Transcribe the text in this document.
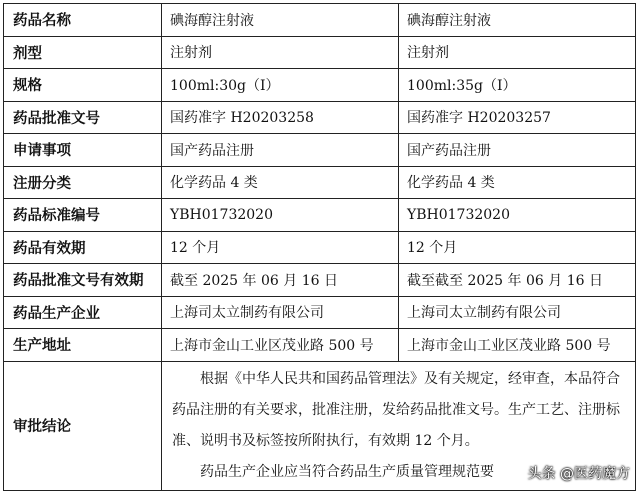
药品名称	碘海醇注射液	碘海醇注射液
剂型	注射剂	注射剂
规格	100ml:30g（I）	100ml:35g（I）
药品批准文号	国药准字 H20203258	国药准字 H20203257
申请事项	国产药品注册	国产药品注册
注册分类	化学药品 4 类	化学药品 4 类
药品标准编号	YBH01732020	YBH01732020
药品有效期	12 个月	12 个月
药品批准文号有效期	截至 2025 年 06 月 16 日	截至截至 2025 年 06 月 16 日
药品生产企业	上海司太立制药有限公司	上海司太立制药有限公司
生产地址	上海市金山工业区茂业路 500 号	上海市金山工业区茂业路 500 号
审批结论	根据《中华人民共和国药品管理法》及有关规定，经审查，本品符合药品注册的有关要求，批准注册，发给药品批准文号。生产工艺、注册标准、说明书及标签按所附执行，有效期 12 个月。

药品生产企业应当符合药品生产质量管理规范要		头条 @医药魔方
